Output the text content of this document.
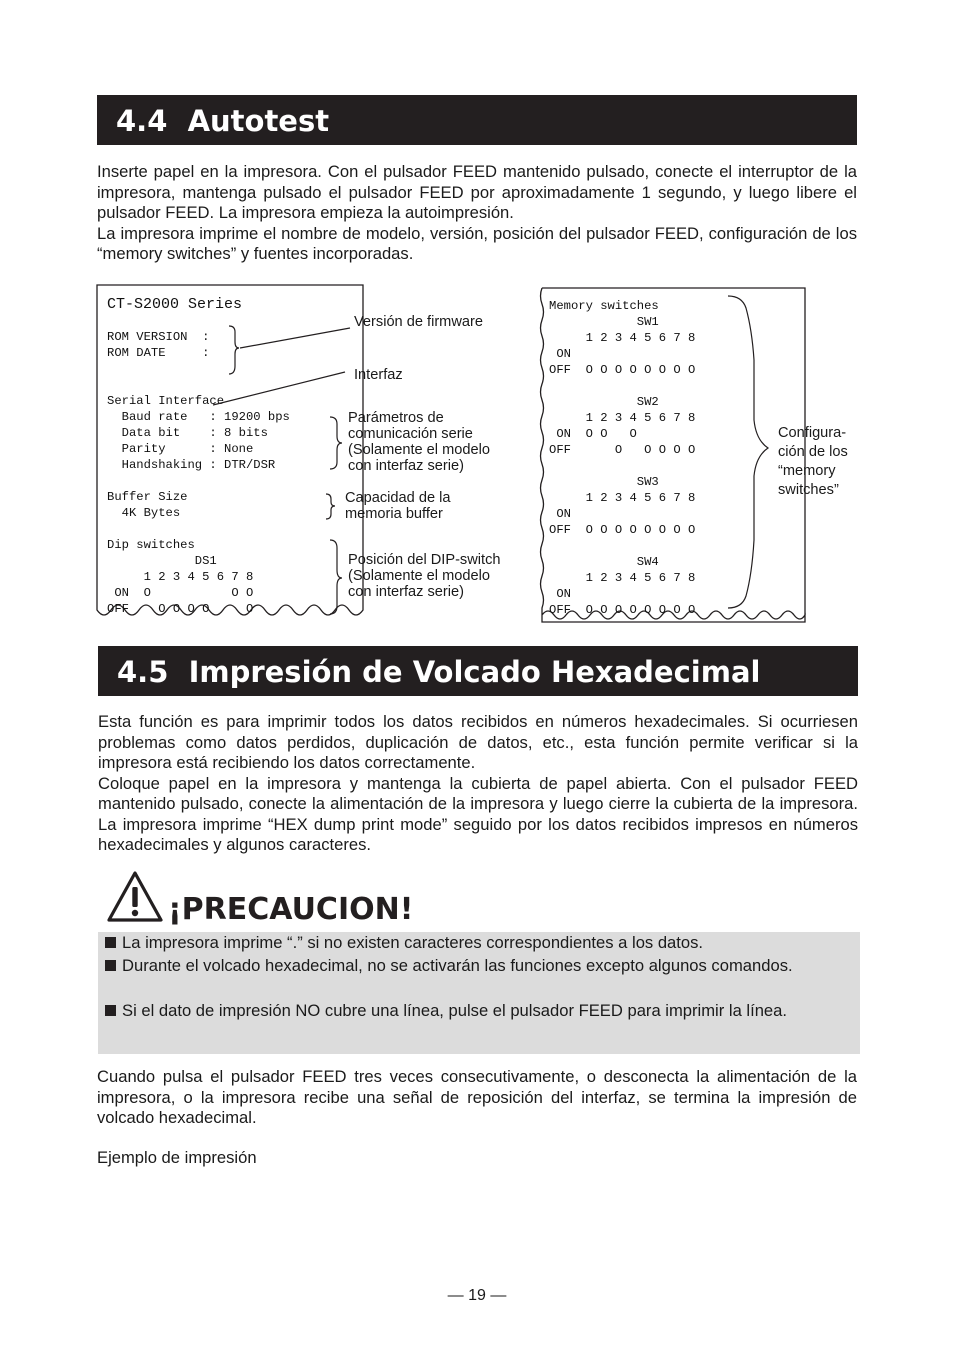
4.4  Autotest

Inserte papel en la impresora. Con el pulsador FEED mantenido pulsado, conecte el interruptor de la impresora, mantenga pulsado el pulsador FEED por aproximadamente 1 segundo, y luego libere el pulsador FEED. La impresora empieza la autoimpresión.

La impresora imprime el nombre de modelo, versión, posición del pulsador FEED, configuración de los “memory switches” y fuentes incorporadas.

CT-S2000 Series
ROM VERSION  :
ROM DATE     :
Serial Interface
Baud rate   : 19200 bps
Data bit    : 8 bits
Parity      : None
Handshaking : DTR/DSR
Buffer Size
4K Bytes
Dip switches
DS1
1 2 3 4 5 6 7 8
ON  O           O O
OFF    O O O O     O
Versión de firmware
Interfaz
Parámetros de
comunicación serie
(Solamente el modelo
con interfaz serie)
Capacidad de la
memoria buffer
Posición del DIP-switch
(Solamente el modelo
con interfaz serie)
Memory switches
SW1
1 2 3 4 5 6 7 8
ON
OFF  O O O O O O O O
SW2
1 2 3 4 5 6 7 8
ON  O O   O
OFF      O   O O O O
SW3
1 2 3 4 5 6 7 8
ON
OFF  O O O O O O O O
SW4
1 2 3 4 5 6 7 8
ON
OFF  O O O O O O O O
Configura-
ción de los
“memory
switches”
4.5  Impresión de Volcado Hexadecimal

Esta función es para imprimir todos los datos recibidos en números hexadecimales. Si ocurriesen problemas como datos perdidos, duplicación de datos, etc., esta función permite verificar si la impresora está recibiendo los datos correctamente.

Coloque papel en la impresora y mantenga la cubierta de papel abierta. Con el pulsador FEED mantenido pulsado, conecte la alimentación de la impresora y luego cierre la cubierta de la impresora. La impresora imprime “HEX dump print mode” seguido por los datos recibidos impresos en números hexadecimales y algunos caracteres.

¡PRECAUCION!
La impresora imprime “.” si no existen caracteres correspondientes a los datos.
Durante el volcado hexadecimal, no se activarán las funciones excepto algunos comandos.
Si el dato de impresión NO cubre una línea, pulse el pulsador FEED para imprimir la línea.
Cuando pulsa el pulsador FEED tres veces consecutivamente, o desconecta la alimentación de la impresora, o la impresora recibe una señal de reposición del interfaz, se termina la impresión de volcado hexadecimal.
Ejemplo de impresión
— 19 —
